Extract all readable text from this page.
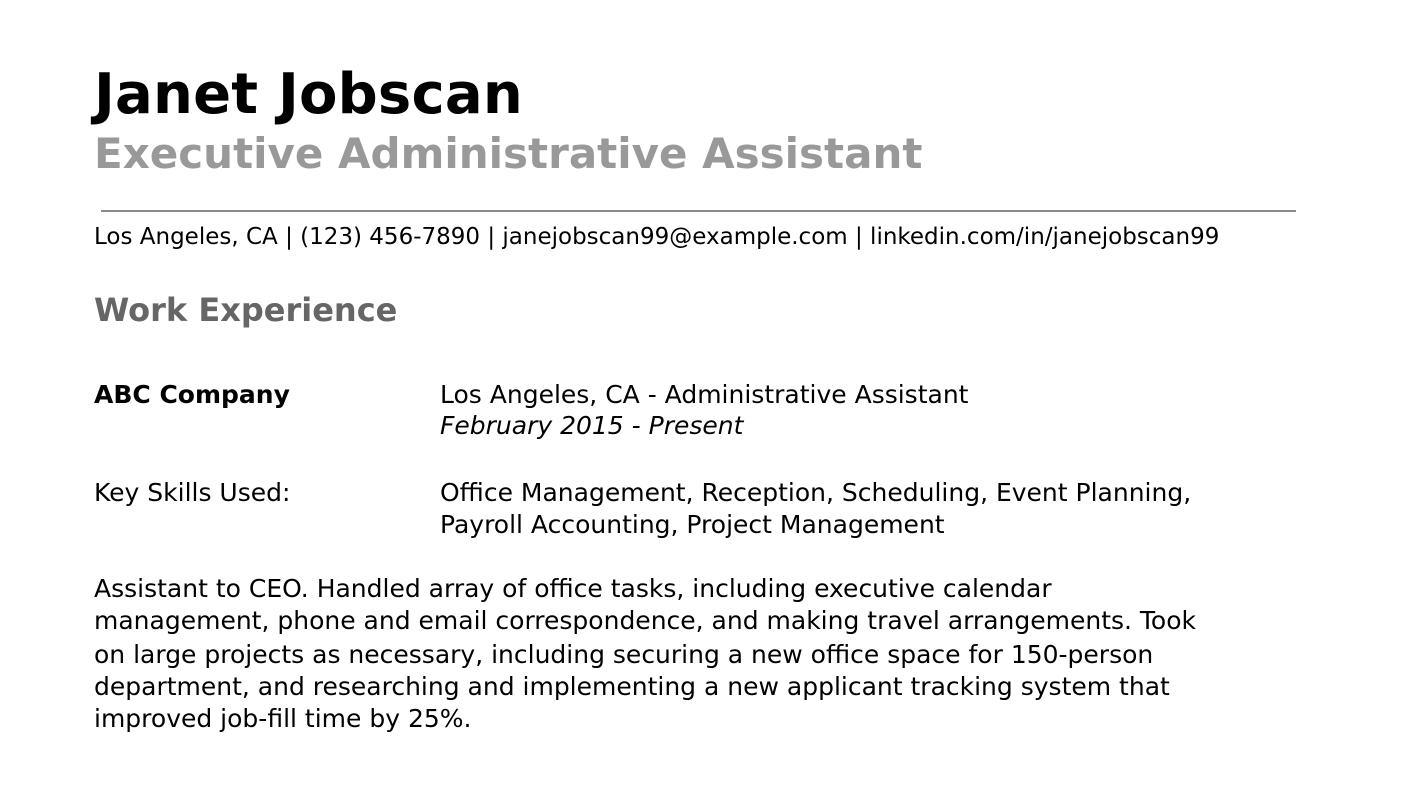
Janet Jobscan
Executive Administrative Assistant
Los Angeles, CA | (123) 456-7890 | janejobscan99@example.com | linkedin.com/in/janejobscan99
Work Experience
ABC Company	Los Angeles, CA - Administrative Assistant
February 2015 - Present
Key Skills Used:	Office Management, Reception, Scheduling, Event Planning,
Payroll Accounting, Project Management
Assistant to CEO. Handled array of office tasks, including executive calendar
management, phone and email correspondence, and making travel arrangements. Took
on large projects as necessary, including securing a new office space for 150-person
department, and researching and implementing a new applicant tracking system that
improved job-fill time by 25%.
